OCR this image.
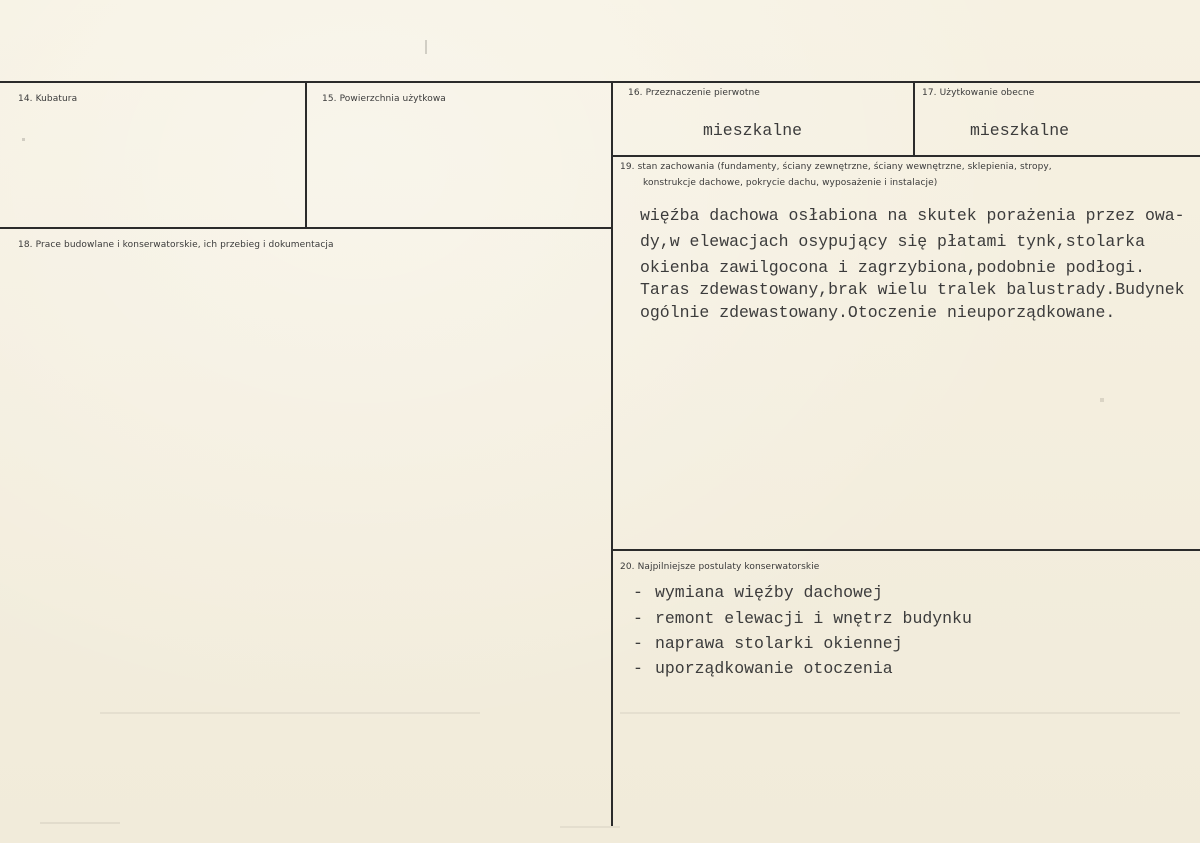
14. Kubatura	15. Powierzchnia użytkowa
16. Przeznaczenie pierwotne
mieszkalne
17. Użytkowanie obecne
mieszkalne
18. Prace budowlane i konserwatorskie, ich przebieg i dokumentacja
19. stan zachowania (fundamenty, ściany zewnętrzne, ściany wewnętrzne, sklepienia, stropy,
konstrukcje dachowe, pokrycie dachu, wyposażenie i instalacje)
więźba dachowa osłabiona na skutek porażenia przez owa-
dy,w elewacjach osypujący się płatami tynk,stolarka
okienba zawilgocona i zagrzybiona,podobnie podłogi.
Taras zdewastowany,brak wielu tralek balustrady.Budynek
ogólnie zdewastowany.Otoczenie nieuporządkowane.
20. Najpilniejsze postulaty konserwatorskie
- wymiana więźby dachowej
- remont elewacji i wnętrz budynku
- naprawa stolarki okiennej
- uporządkowanie otoczenia
